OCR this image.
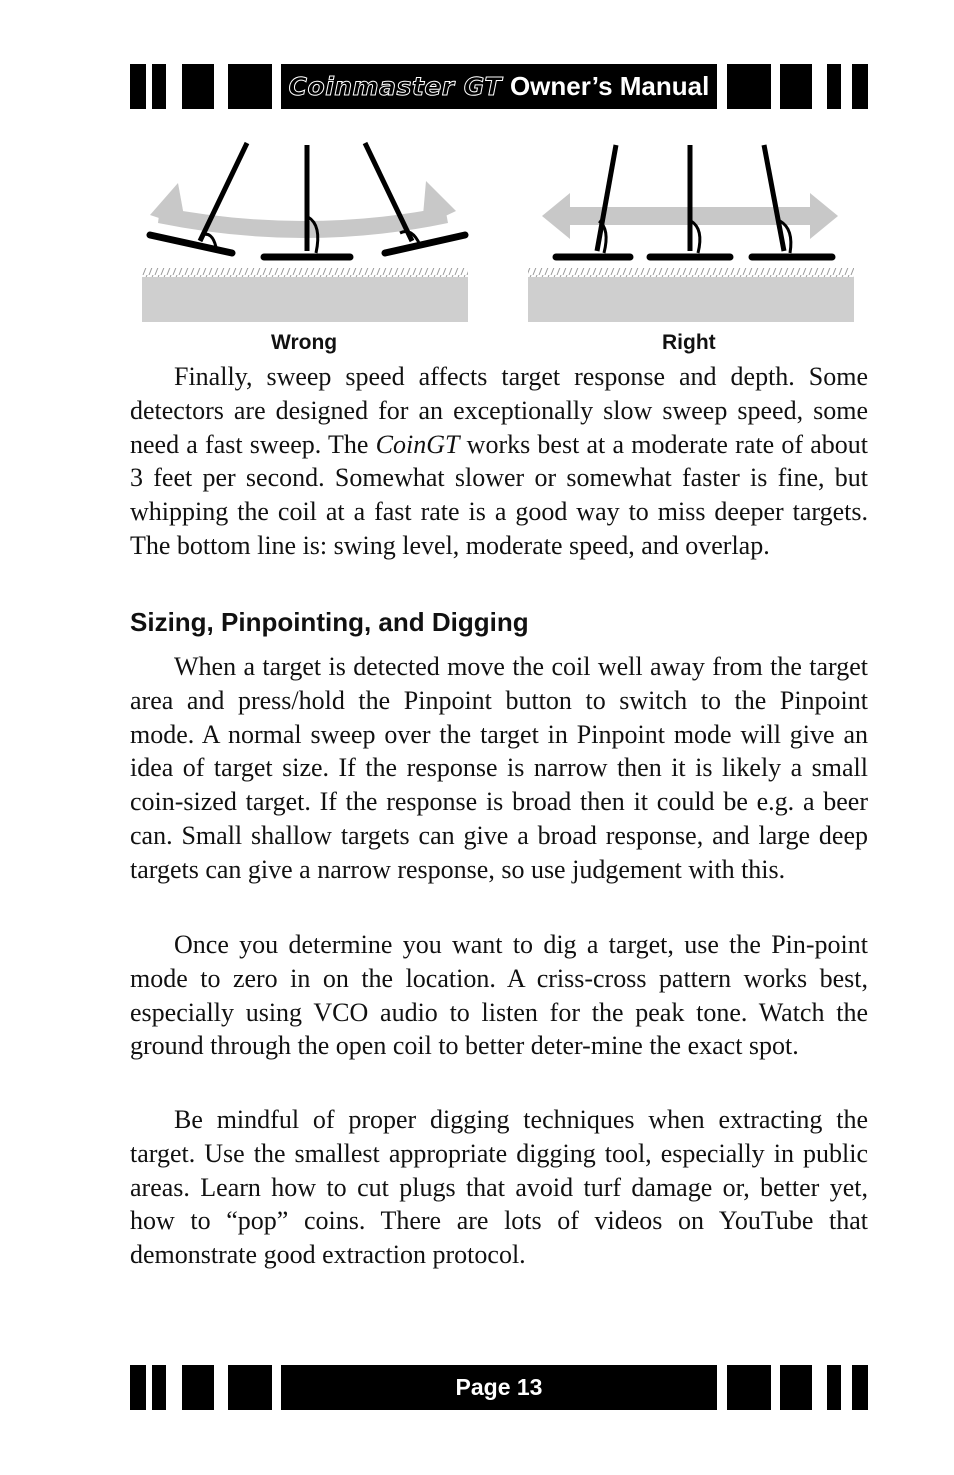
Coinmaster GT Owner’s Manual
Wrong	Right

Finally, sweep speed affects target response and depth. Some detectors are designed for an exceptionally slow sweep speed, some need a fast sweep. The CoinGT works best at a moderate rate of about 3 feet per second. Somewhat slower or somewhat faster is fine, but whipping the coil at a fast rate is a good way to miss deeper targets. The bottom line is: swing level, moderate speed, and overlap.

Sizing, Pinpointing, and Digging

When a target is detected move the coil well away from the target area and press/hold the Pinpoint button to switch to the Pinpoint mode. A normal sweep over the target in Pinpoint mode will give an idea of target size. If the response is narrow then it is likely a small coin-sized target. If the response is broad then it could be e.g. a beer can. Small shallow targets can give a broad response, and large deep targets can give a narrow response, so use judgement with this.

Once you determine you want to dig a target, use the Pin-point mode to zero in on the location. A criss-cross pattern works best, especially using VCO audio to listen for the peak tone. Watch the ground through the open coil to better deter-mine the exact spot.

Be mindful of proper digging techniques when extracting the target. Use the smallest appropriate digging tool, especially in public areas. Learn how to cut plugs that avoid turf damage or, better yet, how to “pop” coins. There are lots of videos on YouTube that demonstrate good extraction protocol.

Page 13
